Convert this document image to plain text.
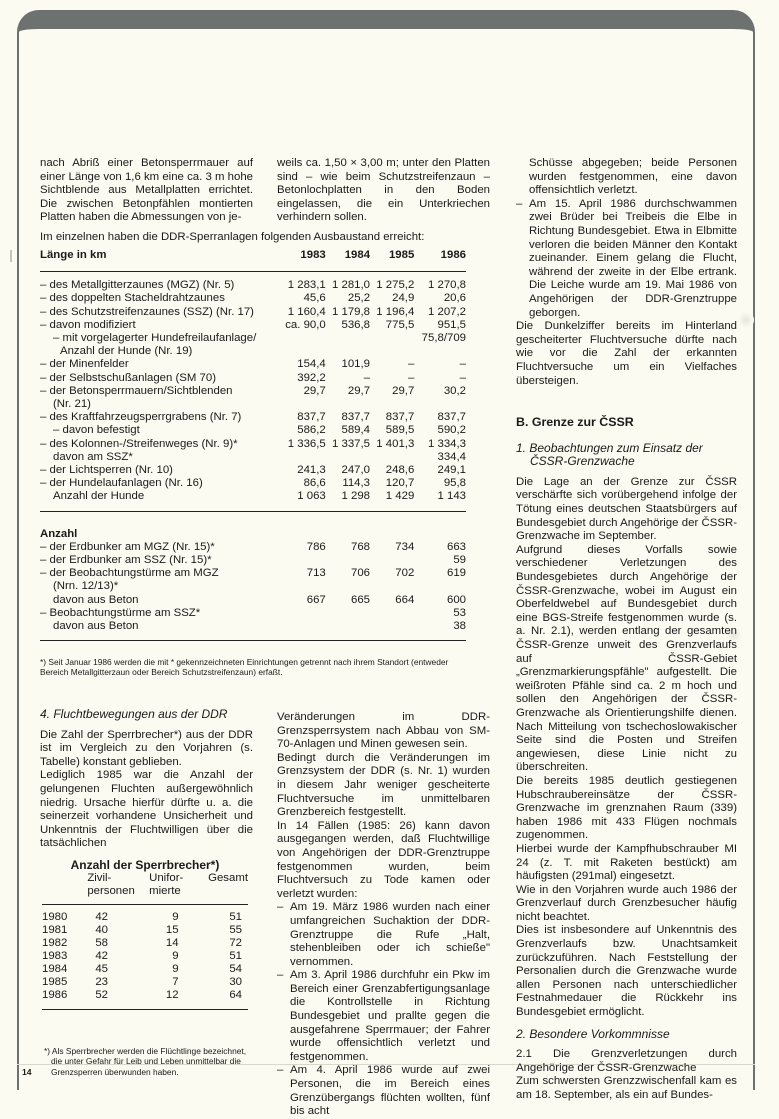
nach Abriß einer Betonsperrmauer auf einer Länge von 1,6 km eine ca. 3 m hohe Sichtblende aus Metallplatten errichtet. Die zwischen Betonpfählen montierten Platten haben die Abmessungen von je-

weils ca. 1,50 × 3,00 m; unter den Platten sind – wie beim Schutzstreifenzaun – Betonlochplatten in den Boden eingelassen, die ein Unterkriechen verhindern sollen.

Im einzelnen haben die DDR-Sperranlagen folgenden Ausbaustand erreicht:
Länge in km	1983	1984	1985	1986
– des Metallgitterzaunes (MGZ) (Nr. 5)	1 283,1	1 281,0	1 275,2	1 270,8
– des doppelten Stacheldrahtzaunes	45,6	25,2	24,9	20,6
– des Schutzstreifenzaunes (SSZ) (Nr. 17)	1 160,4	1 179,8	1 196,4	1 207,2
– davon modifiziert	ca. 90,0	536,8	775,5	951,5
– mit vorgelagerter Hundefreilaufanlage/				75,8/709
Anzahl der Hunde (Nr. 19)				
– der Minenfelder	154,4	101,9	–	–
– der Selbstschußanlagen (SM 70)	392,2	–	–	–
– der Betonsperrmauern/Sichtblenden	29,7	29,7	29,7	30,2
(Nr. 21)				
– des Kraftfahrzeugsperrgrabens (Nr. 7)	837,7	837,7	837,7	837,7
– davon befestigt	586,2	589,4	589,5	590,2
– des Kolonnen-/Streifenweges (Nr. 9)*	1 336,5	1 337,5	1 401,3	1 334,3
davon am SSZ*				334,4
– der Lichtsperren (Nr. 10)	241,3	247,0	248,6	249,1
– der Hundelaufanlagen (Nr. 16)	86,6	114,3	120,7	95,8
Anzahl der Hunde	1 063	1 298	1 429	1 143
Anzahl				
– der Erdbunker am MGZ (Nr. 15)*	786	768	734	663
– der Erdbunker am SSZ (Nr. 15)*				59
– der Beobachtungstürme am MGZ	713	706	702	619
(Nrn. 12/13)*				
davon aus Beton	667	665	664	600
– Beobachtungstürme am SSZ*				53
davon aus Beton				38
*) Seit Januar 1986 werden die mit * gekennzeichneten Einrichtungen getrennt nach ihrem Standort (entweder Bereich Metallgitterzaun oder Bereich Schutzstreifenzaun) erfaßt.

4. Fluchtbewegungen aus der DDR

Die Zahl der Sperrbrecher*) aus der DDR ist im Vergleich zu den Vorjahren (s. Tabelle) konstant geblieben.

Lediglich 1985 war die Anzahl der gelungenen Fluchten außergewöhnlich niedrig. Ursache hierfür dürfte u. a. die seinerzeit vorhandene Unsicherheit und Unkenntnis der Fluchtwilligen über die tatsächlichen

Anzahl der Sperrbrecher*)

Zivil-
personen

Unifor-
mierte

Gesamt

1980	42	9	51
1981	40	15	55
1982	58	14	72
1983	42	9	51
1984	45	9	54
1985	23	7	30
1986	52	12	64
*) Als Sperrbrecher werden die Flüchtlinge bezeichnet, die unter Gefahr für Leib und Leben unmittelbar die Grenzsperren überwunden haben.
14

Veränderungen im DDR-Grenzsperrsystem nach Abbau von SM-70-Anlagen und Minen gewesen sein.

Bedingt durch die Veränderungen im Grenzsystem der DDR (s. Nr. 1) wurden in diesem Jahr weniger gescheiterte Fluchtversuche im unmittelbaren Grenzbereich festgestellt.

In 14 Fällen (1985: 26) kann davon ausgegangen werden, daß Fluchtwillige von Angehörigen der DDR-Grenztruppe festgenommen wurden, beim Fluchtversuch zu Tode kamen oder verletzt wurden:

– Am 19. März 1986 wurden nach einer umfangreichen Suchaktion der DDR-Grenztruppe die Rufe „Halt, stehenbleiben oder ich schieße" vernommen.
– Am 3. April 1986 durchfuhr ein Pkw im Bereich einer Grenzabfertigungsanlage die Kontrollstelle in Richtung Bundesgebiet und prallte gegen die ausgefahrene Sperrmauer; der Fahrer wurde offensichtlich verletzt und festgenommen.
– Am 4. April 1986 wurde auf zwei Personen, die im Bereich eines Grenzübergangs flüchten wollten, fünf bis acht

Schüsse abgegeben; beide Personen wurden festgenommen, eine davon offensichtlich verletzt.

– Am 15. April 1986 durchschwammen zwei Brüder bei Treibeis die Elbe in Richtung Bundesgebiet. Etwa in Elbmitte verloren die beiden Männer den Kontakt zueinander. Einem gelang die Flucht, während der zweite in der Elbe ertrank. Die Leiche wurde am 19. Mai 1986 von Angehörigen der DDR-Grenztruppe geborgen.

Die Dunkelziffer bereits im Hinterland gescheiterter Fluchtversuche dürfte nach wie vor die Zahl der erkannten Fluchtversuche um ein Vielfaches übersteigen.

B. Grenze zur ČSSR

1. Beobachtungen zum Einsatz der ČSSR-Grenzwache

Die Lage an der Grenze zur ČSSR verschärfte sich vorübergehend infolge der Tötung eines deutschen Staatsbürgers auf Bundesgebiet durch Angehörige der ČSSR-Grenzwache im September.

Aufgrund dieses Vorfalls sowie verschiedener Verletzungen des Bundesgebietes durch Angehörige der ČSSR-Grenzwache, wobei im August ein Oberfeldwebel auf Bundesgebiet durch eine BGS-Streife festgenommen wurde (s. a. Nr. 2.1), werden entlang der gesamten ČSSR-Grenze unweit des Grenzverlaufs auf ČSSR-Gebiet „Grenzmarkierungspfähle" aufgestellt. Die weißroten Pfähle sind ca. 2 m hoch und sollen den Angehörigen der ČSSR-Grenzwache als Orientierungshilfe dienen. Nach Mitteilung von tschechoslowakischer Seite sind die Posten und Streifen angewiesen, diese Linie nicht zu überschreiten.

Die bereits 1985 deutlich gestiegenen Hubschraubereinsätze der ČSSR-Grenzwache im grenznahen Raum (339) haben 1986 mit 433 Flügen nochmals zugenommen.

Hierbei wurde der Kampfhubschrauber MI 24 (z. T. mit Raketen bestückt) am häufigsten (291mal) eingesetzt.

Wie in den Vorjahren wurde auch 1986 der Grenzverlauf durch Grenzbesucher häufig nicht beachtet.

Dies ist insbesondere auf Unkenntnis des Grenzverlaufs bzw. Unachtsamkeit zurückzuführen. Nach Feststellung der Personalien durch die Grenzwache wurde allen Personen nach unterschiedlicher Festnahmedauer die Rückkehr ins Bundesgebiet ermöglicht.

2. Besondere Vorkommnisse

2.1 Die Grenzverletzungen durch Angehörige der ČSSR-Grenzwache

Zum schwersten Grenzzwischenfall kam es am 18. September, als ein auf Bundes-
